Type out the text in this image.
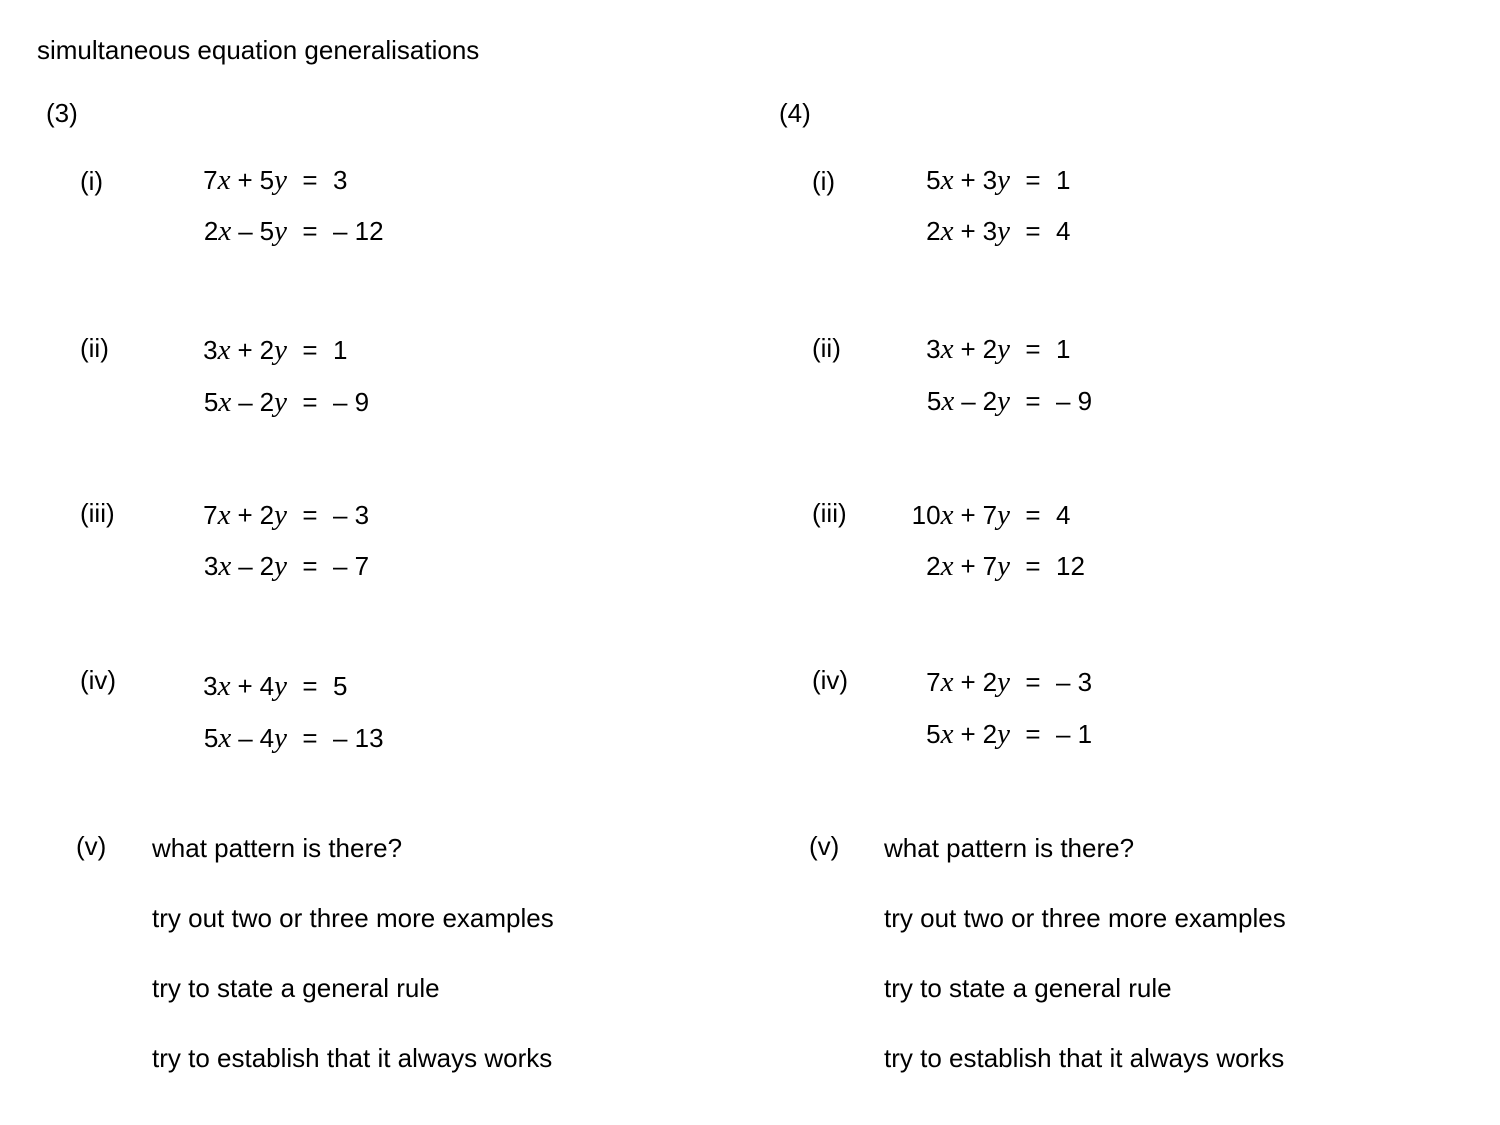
simultaneous equation generalisations
(3)
(i)	7x + 5y = 3
2x – 5y = – 12
(ii)	3x + 2y = 1
5x – 2y = – 9
(iii)	7x + 2y = – 3
3x – 2y = – 7
(iv)	3x + 4y = 5
5x – 4y = – 13
(v) what pattern is there?
try out two or three more examples
try to state a general rule
try to establish that it always works
(4)
(i)	5x + 3y = 1
2x + 3y = 4
(ii)	3x + 2y = 1
5x – 2y = – 9
(iii)	10x + 7y = 4
2x + 7y = 12
(iv)	7x + 2y = – 3
5x + 2y = – 1
(v) what pattern is there?
try out two or three more examples
try to state a general rule
try to establish that it always works
